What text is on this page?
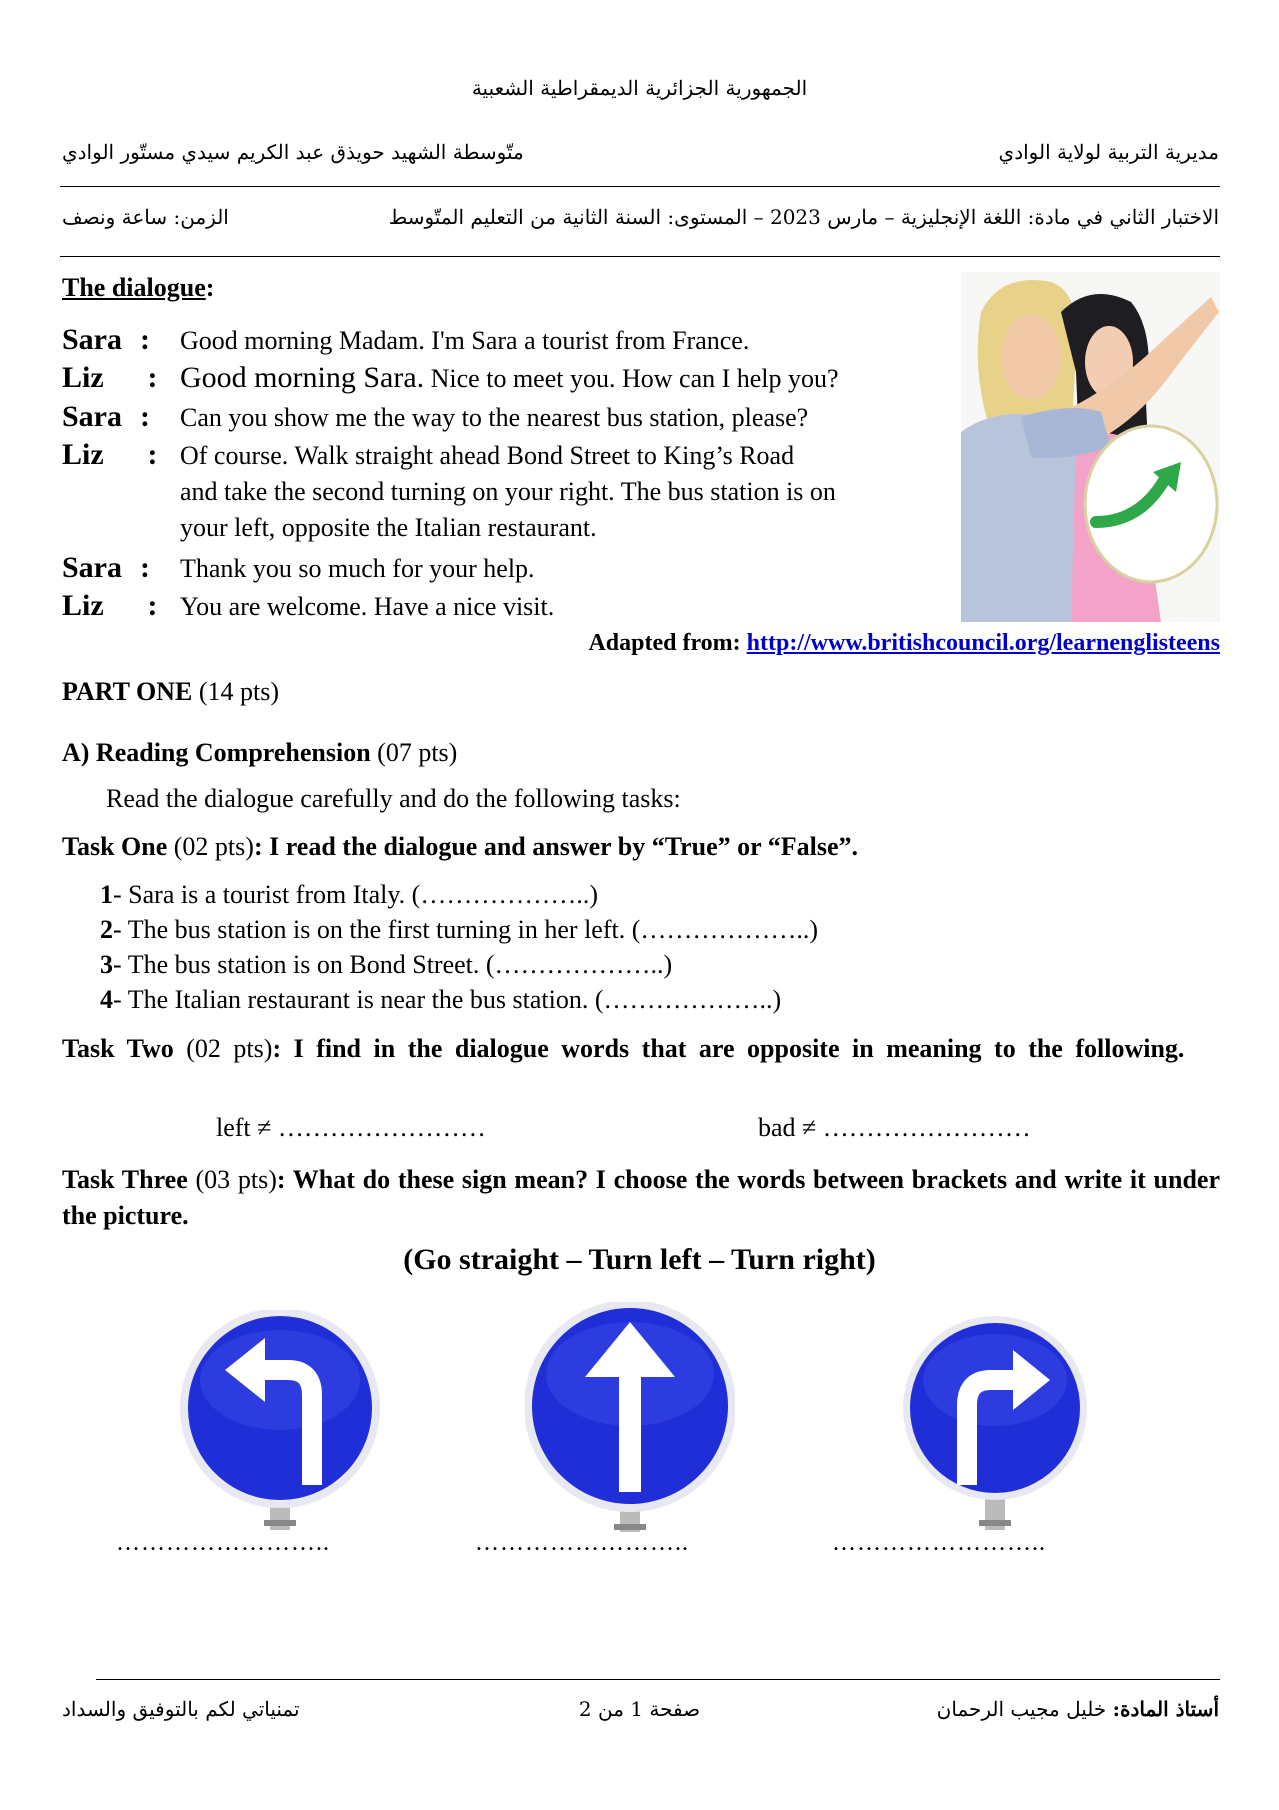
الجمهورية الجزائرية الديمقراطية الشعبية
مديرية التربية لولاية الوادي
متّوسطة الشهيد حويذق عبد الكريم سيدي مستّور الوادي
الاختبار الثاني في مادة: اللغة الإنجليزية – مارس 2023 – المستوى: السنة الثانية من التعليم المتّوسط
الزمن: ساعة ونصف
The dialogue:
Sara :	Good morning Madam. I'm Sara a tourist from France.
Liz : Good morning Sara. Nice to meet you. How can I help you?
Sara :	Can you show me the way to the nearest bus station, please?
Liz : Of course. Walk straight ahead Bond Street to King’s Road
and take the second turning on your right. The bus station is on
your left, opposite the Italian restaurant.
Sara :	Thank you so much for your help.
Liz : You are welcome. Have a nice visit.
Adapted from: http://www.britishcouncil.org/learnenglisteens
PART ONE (14 pts)
A) Reading Comprehension (07 pts)
Read the dialogue carefully and do the following tasks:
Task One (02 pts): I read the dialogue and answer by “True” or “False”.
1- Sara is a tourist from Italy. (………………..)
2- The bus station is on the first turning in her left. (………………..)
3- The bus station is on Bond Street. (………………..)
4- The Italian restaurant is near the bus station. (………………..)
Task Two (02 pts): I find in the dialogue words that are opposite in meaning to the following.
left ≠ ……………………	bad ≠ ……………………
Task Three (03 pts): What do these sign mean? I choose the words between brackets and write it under the picture.
(Go straight – Turn left – Turn right)
……………………..	……………………..	……………………..
أستاذ المادة: خليل مجيب الرحمان
صفحة 1 من 2
تمنياتي لكم بالتوفيق والسداد
